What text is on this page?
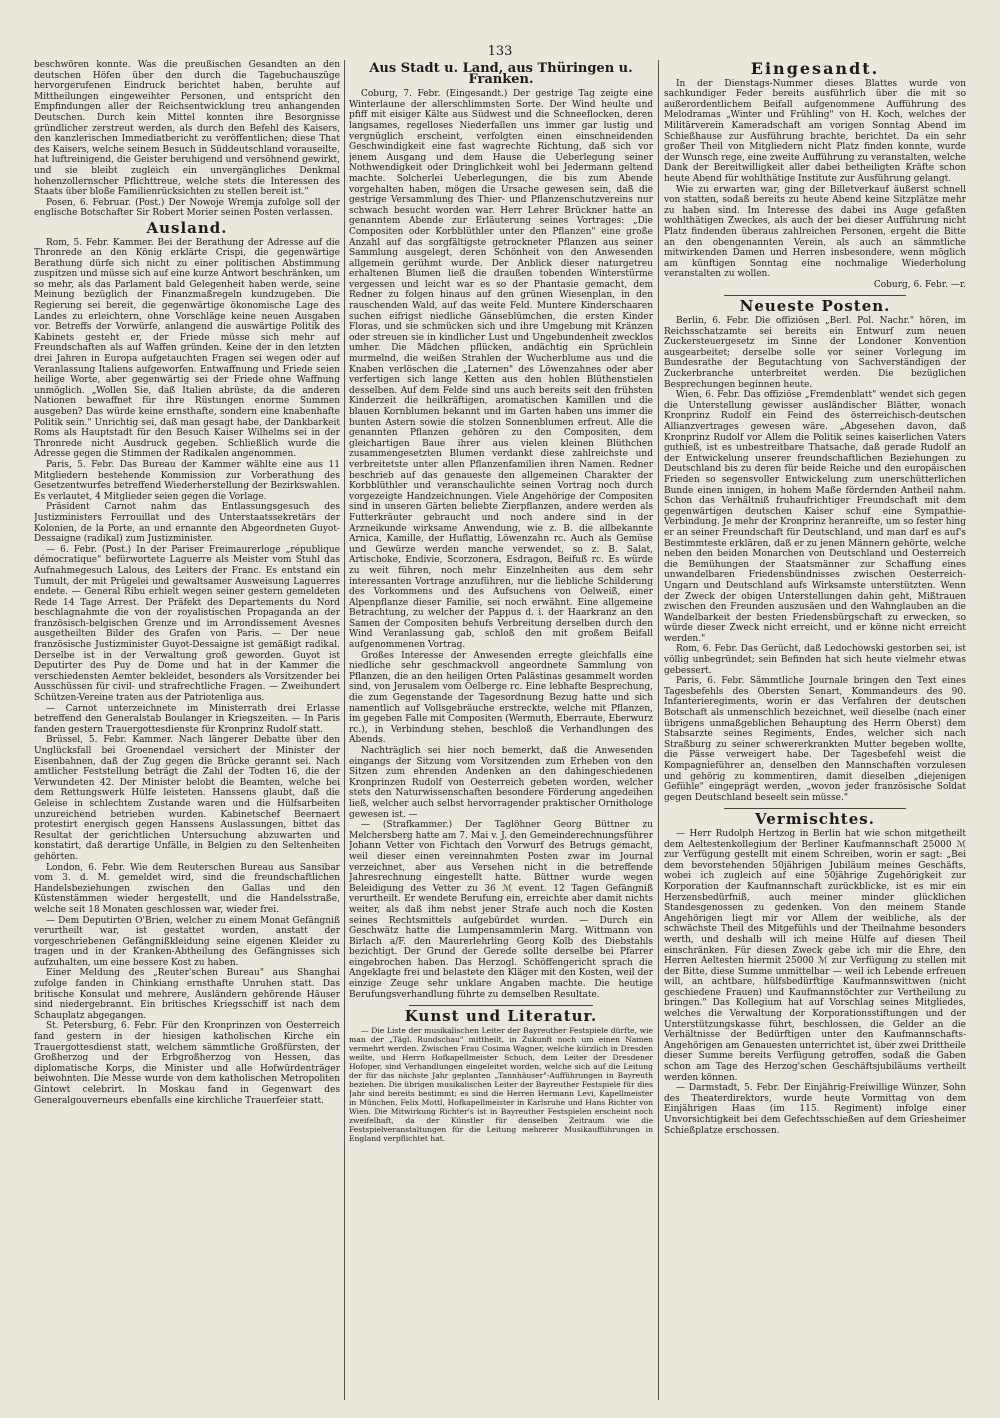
133

beschwören konnte. Was die preußischen Gesandten an den deutschen Höfen über den durch die Tagebuchauszüge hervorgerufenen Eindruck berichtet haben, beruhte auf Mittheilungen eingeweihter Personen, und entspricht den Empfindungen aller der Reichsentwicklung treu anhangenden Deutschen. Durch kein Mittel konnten ihre Besorgnisse gründlicher zerstreut werden, als durch den Befehl des Kaisers, den kanzlerischen Immediatbericht zu veröffentlichen; diese That des Kaisers, welche seinem Besuch in Süddeutschland vorauseilte, hat luftreinigend, die Geister beruhigend und versöhnend gewirkt, und sie bleibt zugleich ein unvergängliches Denkmal hohenzollernscher Pflichttreue, welche stets die Interessen des Staats über bloße Familienrücksichten zu stellen bereit ist."

Posen, 6. Februar. (Post.) Der Nowoje Wremja zufolge soll der englische Botschafter Sir Robert Morier seinen Posten verlassen.

Ausland.

Rom, 5. Febr. Kammer. Bei der Berathung der Adresse auf die Thronrede an den König erklärte Crispi, die gegenwärtige Berathung dürfe sich nicht zu einer politischen Abstimmung zuspitzen und müsse sich auf eine kurze Antwort beschränken, um so mehr, als das Parlament bald Gelegenheit haben werde, seine Meinung bezüglich der Finanzmaßregeln kundzugeben. Die Regierung sei bereit, die gegenwärtige ökonomische Lage des Landes zu erleichtern, ohne Vorschläge keine neuen Ausgaben vor. Betreffs der Vorwürfe, anlangend die auswärtige Politik des Kabinets gesteht er, der Friede müsse sich mehr auf Freundschaften als auf Waffen gründen. Keine der in den letzten drei Jahren in Europa aufgetauchten Fragen sei wegen oder auf Veranlassung Italiens aufgeworfen. Entwaffnung und Friede seien heilige Worte, aber gegenwärtig sei der Friede ohne Waffnung unmöglich. „Wollen Sie, daß Italien abrüste, da die anderen Nationen bewaffnet für ihre Rüstungen enorme Summen ausgeben? Das würde keine ernsthafte, sondern eine knabenhafte Politik sein." Unrichtig sei, daß man gesagt habe, der Dankbarkeit Roms als Hauptstadt für den Besuch Kaiser Wilhelms sei in der Thronrede nicht Ausdruck gegeben. Schließlich wurde die Adresse gegen die Stimmen der Radikalen angenommen.

Paris, 5. Febr. Das Bureau der Kammer wählte eine aus 11 Mitgliedern bestehende Kommission zur Vorberathung des Gesetzentwurfes betreffend Wiederherstellung der Bezirkswahlen. Es verlautet, 4 Mitglieder seien gegen die Vorlage.

Präsident Carnot nahm das Entlassungsgesuch des Justizministers Ferrouillat und des Unterstaatssekretärs der Kolonien, de la Porte, an und ernannte den Abgeordneten Guyot-Dessaigne (radikal) zum Justizminister.

— 6. Febr. (Post.) In der Pariser Freimaurerloge „république démocratique" befürwortete Laguerre als Meister vom Stuhl das Aufnahmegesuch Lalous, des Leiters der Franc. Es entstand ein Tumult, der mit Prügelei und gewaltsamer Ausweisung Laguerres endete. — General Ribu erhielt wegen seiner gestern gemeldeten Rede 14 Tage Arrest. Der Präfekt des Departements du Nord beschlagnahmte die von der royalistischen Propaganda an der französisch-belgischen Grenze und im Arrondissement Avesnes ausgetheilten Bilder des Grafen von Paris. — Der neue französische Justizminister Guyot-Dessaigne ist gemäßigt radikal. Derselbe ist in der Verwaltung groß geworden. Guyot ist Deputirter des Puy de Dome und hat in der Kammer die verschiedensten Aemter bekleidet, besonders als Vorsitzender bei Ausschüssen für civil- und strafrechtliche Fragen. — Zweihundert Schützen-Vereine traten aus der Patriotenliga aus.

— Carnot unterzeichnete im Ministerrath drei Erlasse betreffend den Generalstab Boulanger in Kriegszeiten. — In Paris fanden gestern Trauergottesdienste für Kronprinz Rudolf statt.

Brüssel, 5. Febr. Kammer. Nach längerer Debatte über den Unglücksfall bei Groenendael versichert der Minister der Eisenbahnen, daß der Zug gegen die Brücke gerannt sei. Nach amtlicher Feststellung beträgt die Zahl der Todten 16, die der Verwundeten 42. Der Minister belobt die Beamten, welche bei dem Rettungswerk Hülfe leisteten. Hanssens glaubt, daß die Geleise in schlechtem Zustande waren und die Hülfsarbeiten unzureichend betrieben wurden. Kabinetschef Beernaert protestirt energisch gegen Hanssens Auslassungen, bittet das Resultat der gerichtlichen Untersuchung abzuwarten und konstatirt, daß derartige Unfälle, in Belgien zu den Seltenheiten gehörten.

London, 6. Febr. Wie dem Reuterschen Bureau aus Sansibar vom 3. d. M. gemeldet wird, sind die freundschaftlichen Handelsbeziehungen zwischen den Gallas und den Küstenstämmen wieder hergestellt, und die Handelsstraße, welche seit 18 Monaten geschlossen war, wieder frei.

— Dem Deputirten O'Brien, welcher zu einem Monat Gefängniß verurtheilt war, ist gestattet worden, anstatt der vorgeschriebenen Gefängnißkleidung seine eigenen Kleider zu tragen und in der Kranken-Abtheilung des Gefängnisses sich aufzuhalten, um eine bessere Kost zu haben.

Einer Meldung des „Reuter'schen Bureau" aus Shanghai zufolge fanden in Chinkiang ernsthafte Unruhen statt. Das britische Konsulat und mehrere, Ausländern gehörende Häuser sind niedergebrannt. Ein britisches Kriegsschiff ist nach dem Schauplatz abgegangen.

St. Petersburg, 6. Febr. Für den Kronprinzen von Oesterreich fand gestern in der hiesigen katholischen Kirche ein Trauergottesdienst statt, welchem sämmtliche Großfürsten, der Großherzog und der Erbgroßherzog von Hessen, das diplomatische Korps, die Minister und alle Hofwürdenträger beiwohnten. Die Messe wurde von dem katholischen Metropoliten Gintowt celebrirt. In Moskau fand in Gegenwart des Generalgouverneurs ebenfalls eine kirchliche Trauerfeier statt.

Aus Stadt u. Land, aus Thüringen u. Franken.

Coburg, 7. Febr. (Eingesandt.) Der gestrige Tag zeigte eine Winterlaune der allerschlimmsten Sorte. Der Wind heulte und pfiff mit eisiger Kälte aus Südwest und die Schneeflocken, deren langsames, regelloses Niederfallen uns immer gar lustig und vergnüglich erscheint, verfolgten einen einschneidenden Geschwindigkeit eine fast wagrechte Richtung, daß sich vor jenem Ausgang und dem Hause die Ueberlegung seiner Nothwendigkeit oder Dringlichkeit wohl bei Jedermann geltend machte. Solcherlei Ueberlegungen, die bis zum Abende vorgehalten haben, mögen die Ursache gewesen sein, daß die gestrige Versammlung des Thier- und Pflanzenschutzvereins nur schwach besucht worden war. Herr Lehrer Brückner hatte an genanntem Abende zur Erläuterung seines Vortrages: „Die Compositen oder Korbblüthler unter den Pflanzen" eine große Anzahl auf das sorgfältigste getrockneter Pflanzen aus seiner Sammlung ausgelegt, deren Schönheit von den Anwesenden allgemein gerühmt wurde. Der Anblick dieser naturgetreu erhaltenen Blumen ließ die draußen tobenden Winterstürme vergessen und leicht war es so der Phantasie gemacht, dem Redner zu folgen hinaus auf den grünen Wiesenplan, in den rauschenden Wald, auf das weite Feld. Muntere Kinderschaaren suchen eifrigst niedliche Gänseblümchen, die ersten Kinder Floras, und sie schmücken sich und ihre Umgebung mit Kränzen oder streuen sie in kindlicher Lust und Ungebundenheit zwecklos umher. Die Mädchen pflücken, andächtig ein Sprüchlein murmelnd, die weißen Strahlen der Wucherblume aus und die Knaben verlöschen die „Laternen" des Löwenzahnes oder aber verfertigen sich lange Ketten aus den hohlen Blüthenstielen desselben. Auf dem Felde sind uns auch bereits seit den frühsten Kinderzeit die heilkräftigen, aromatischen Kamillen und die blauen Kornblumen bekannt und im Garten haben uns immer die bunten Astern sowie die stolzen Sonnenblumen erfreut. Alle die genannten Pflanzen gehören zu den Compositen, dem gleichartigen Baue ihrer aus vielen kleinen Blüthchen zusammengesetzten Blumen verdankt diese zahlreichste und verbreitetste unter allen Pflanzenfamilien ihren Namen. Redner beschrieb auf das genaueste den allgemeinen Charakter der Korbblüthler und veranschaulichte seinen Vortrag noch durch vorgezeigte Handzeichnungen. Viele Angehörige der Compositen sind in unseren Gärten beliebte Zierpflanzen, andere werden als Futterkräuter gebraucht und noch andere sind in der Arzneikunde wirksame Anwendung, wie z. B. die allbekannte Arnica, Kamille, der Huflattig, Löwenzahn rc. Auch als Gemüse und Gewürze werden manche verwendet, so z. B. Salat, Artischoke, Endivie, Scorzonera, Esdragon, Beifuß rc. Es würde zu weit führen, noch mehr Einzelnheiten aus dem sehr interessanten Vortrage anzuführen, nur die liebliche Schilderung des Vorkommens und des Aufsuchens von Oelweiß, einer Alpenpflanze dieser Familie, sei noch erwähnt. Eine allgemeine Betrachtung, zu welcher der Pappus d. i. der Haarkranz an den Samen der Compositen behufs Verbreitung derselben durch den Wind Veranlassung gab, schloß den mit großem Beifall aufgenommenen Vortrag.

Großes Interesse der Anwesenden erregte gleichfalls eine niedliche sehr geschmackvoll angeordnete Sammlung von Pflanzen, die an den heiligen Orten Palästinas gesammelt worden sind, von Jerusalem vom Oelberge rc. Eine lebhafte Besprechung, die zum Gegenstande der Tagesordnung Bezug hatte und sich namentlich auf Vollsgebräuche erstreckte, welche mit Pflanzen, im gegeben Falle mit Compositen (Wermuth, Eberraute, Eberwurz rc.), in Verbindung stehen, beschloß die Verhandlungen des Abends.

Nachträglich sei hier noch bemerkt, daß die Anwesenden eingangs der Sitzung vom Vorsitzenden zum Erheben von den Sitzen zum ehrenden Andenken an den dahingeschiedenen Kronprinzen Rudolf von Oesterreich gebeten worden, welcher stets den Naturwissenschaften besondere Förderung angedeihen ließ, welcher auch selbst hervorragender praktischer Ornithologe gewesen ist. —

— (Strafkammer.) Der Taglöhner Georg Büttner zu Melchersberg hatte am 7. Mai v. J. den Gemeinderechnungsführer Johann Vetter von Fichtach den Vorwurf des Betrugs gemacht, weil dieser einen vereinnahmten Posten zwar im Journal verzeichnet, aber aus Versehen nicht in die betreffende Jahresrechnung eingestellt hatte. Büttner wurde wegen Beleidigung des Vetter zu 36 ℳ event. 12 Tagen Gefängniß verurtheilt. Er wendete Berufung ein, erreichte aber damit nichts weiter, als daß ihm nebst jener Strafe auch noch die Kosten seines Rechtsmittels aufgebürdet wurden. — Durch ein Geschwätz hatte die Lumpensammlerin Marg. Wittmann von Birlach a/F. den Maurerlehrling Georg Kolb des Diebstahls bezichtigt. Der Grund der Gerede sollte derselbe bei Pfarrer eingebrochen haben. Das Herzogl. Schöffengericht sprach die Angeklagte frei und belastete den Kläger mit den Kosten, weil der einzige Zeuge sehr unklare Angaben machte. Die heutige Berufungsverhandlung führte zu demselben Resultate.

Kunst und Literatur.

— Die Liste der musikalischen Leiter der Bayreuther Festspiele dürfte, wie man der „Tägl. Rundschau" mittheilt, in Zukunft noch um einen Namen vermehrt werden. Zwischen Frau Cosima Wagner, welche kürzlich in Dresden weilte, und Herrn Hofkapellmeister Schuch, dem Leiter der Dresdener Hofoper, sind Verhandlungen eingeleitet worden, welche sich auf die Leitung der für das nächste Jahr geplanten „Tannhäuser"-Aufführungen in Bayreuth beziehen. Die übrigen musikalischen Leiter der Bayreuther Festspiele für dies Jahr sind bereits bestimmt; es sind die Herren Hermann Levi, Kapellmeister in München, Felix Mottl, Hofkapellmeister in Karlsruhe und Hans Richter von Wien. Die Mitwirkung Richter's ist in Bayreuther Festspielen erscheint noch zweifelhaft, da der Künstler für denselben Zeitraum wie die Festspielveranstaltungen für die Leitung mehrerer Musikaufführungen in England verpflichtet hat.

Eingesandt.

In der Dienstags-Nummer dieses Blattes wurde von sachkundiger Feder bereits ausführlich über die mit so außerordentlichem Beifall aufgenommene Aufführung des Melodramas „Winter und Frühling" von H. Koch, welches der Militärverein Kameradschaft am vorigen Sonntag Abend im Schießhause zur Ausführung brachte, berichtet. Da ein sehr großer Theil von Mitgliedern nicht Platz finden konnte, wurde der Wunsch rege, eine zweite Aufführung zu veranstalten, welche Dank der Bereitwilligkeit aller dabei betheiligten Kräfte schon heute Abend für wohlthätige Institute zur Ausführung gelangt.

Wie zu erwarten war, ging der Billetverkauf äußerst schnell von statten, sodaß bereits zu heute Abend keine Sitzplätze mehr zu haben sind. Im Interesse des dabei ins Auge gefaßten wohlthätigen Zweckes, als auch der bei dieser Aufführung nicht Platz findenden überaus zahlreichen Personen, ergeht die Bitte an den obengenannten Verein, als auch an sämmtliche mitwirkenden Damen und Herren insbesondere, wenn möglich am künftigen Sonntag eine nochmalige Wiederholung veranstalten zu wollen.

Coburg, 6. Febr. —r.

Neueste Posten.

Berlin, 6. Febr. Die offiziösen „Berl. Pol. Nachr." hören, im Reichsschatzamte sei bereits ein Entwurf zum neuen Zuckersteuergesetz im Sinne der Londoner Konvention ausgearbeitet; derselbe solle vor seiner Vorlegung im Bundesrathe der Begutachtung von Sachverständigen der Zuckerbranche unterbreitet werden. Die bezüglichen Besprechungen beginnen heute.

Wien, 6. Febr. Das offiziöse „Fremdenblatt" wendet sich gegen die Unterstellung gewisser ausländischer Blätter, wonach Kronprinz Rudolf ein Feind des österreichisch-deutschen Allianzvertrages gewesen wäre. „Abgesehen davon, daß Kronprinz Rudolf vor Allem die Politik seines kaiserlichen Vaters guthieß, ist es unbestreitbare Thatsache, daß gerade Rudolf an der Entwickelung unserer freundschaftlichen Beziehungen zu Deutschland bis zu deren für beide Reiche und den europäischen Frieden so segensvoller Entwickelung zum unerschütterlichen Bunde einen innigen, in hohem Maße fördernden Antheil nahm. Schon das Verhältniß fruhaufrichtiger Freundschaft mit dem gegenwärtigen deutschen Kaiser schuf eine Sympathie-Verbindung. Je mehr der Kronprinz heranreifte, um so fester hing er an seiner Freundschaft für Deutschland, und man darf es auf's Bestimmteste erklären, daß er zu jenen Männern gehörte, welche neben den beiden Monarchen von Deutschland und Oesterreich die Bemühungen der Staatsmänner zur Schaffung eines unwandelbaren Friedensbündnisses zwischen Oesterreich-Ungarn und Deutschland aufs Wirksamste unterstützten. Wenn der Zweck der obigen Unterstellungen dahin geht, Mißtrauen zwischen den Freunden auszusäen und den Wahnglauben an die Wandelbarkeit der besten Friedensbürgschaft zu erwecken, so würde dieser Zweck nicht erreicht, und er könne nicht erreicht werden."

Rom, 6. Febr. Das Gerücht, daß Ledochowski gestorben sei, ist völlig unbegründet; sein Befinden hat sich heute vielmehr etwas gebessert.

Paris, 6. Febr. Sämmtliche Journale bringen den Text eines Tagesbefehls des Obersten Senart, Kommandeurs des 90. Infanterieregiments, worin er das Verfahren der deutschen Botschaft als unmenschlich bezeichnet, weil dieselbe (nach einer übrigens unmaßgeblichen Behauptung des Herrn Oberst) dem Stabsarzte seines Regiments, Endes, welcher sich nach Straßburg zu seiner schwererkrankten Mutter begeben wollte, die Pässe verweigert habe. Der Tagesbefehl weist die Kompagnieführer an, denselben den Mannschaften vorzulesen und gehörig zu kommentiren, damit dieselben „diejenigen Gefühle" eingeprägt werden, „wovon jeder französische Soldat gegen Deutschland beseelt sein müsse."

Vermischtes.

— Herr Rudolph Hertzog in Berlin hat wie schon mitgetheilt dem Aeltestenkollegium der Berliner Kaufmannschaft 25000 ℳ zur Verfügung gestellt mit einem Schreiben, worin er sagt: „Bei dem bevorstehenden 50jährigen Jubiläum meines Geschäfts, wobei ich zugleich auf eine 50jährige Zugehörigkeit zur Korporation der Kaufmannschaft zurückblicke, ist es mir ein Herzensbedürfniß, auch meiner minder glücklichen Standesgenossen zu gedenken. Von den meinem Stande Angehörigen liegt mir vor Allem der weibliche, als der schwächste Theil des Mitgefühls und der Theilnahme besonders werth, und deshalb will ich meine Hülfe auf diesen Theil einschränken. Für diesen Zweck gebe ich mir die Ehre, den Herren Aeltesten hiermit 25000 ℳ zur Verfügung zu stellen mit der Bitte, diese Summe unmittelbar — weil ich Lebende erfreuen will, an achtbare, hülfsbedürftige Kaufmannswittwen (nicht geschiedene Frauen) und Kaufmannstöchter zur Vertheilung zu bringen." Das Kollegium hat auf Vorschlag seines Mitgliedes, welches die Verwaltung der Korporationsstiftungen und der Unterstützungskasse führt, beschlossen, die Gelder an die Verhältnisse der Bedürftigen unter den Kaufmannschafts-Angehörigen am Genauesten unterrichtet ist, über zwei Drittheile dieser Summe bereits Verfügung getroffen, sodaß die Gaben schon am Tage des Herzog'schen Geschäftsjubiläums vertheilt werden können.

— Darmstadt, 5. Febr. Der Einjährig-Freiwillige Wünzer, Sohn des Theaterdirektors, wurde heute Vormittag von dem Einjährigen Haas (im 115. Regiment) infolge einer Unvorsichtigkeit bei dem Gefechtsschießen auf dem Griesheimer Schießplatze erschossen.
